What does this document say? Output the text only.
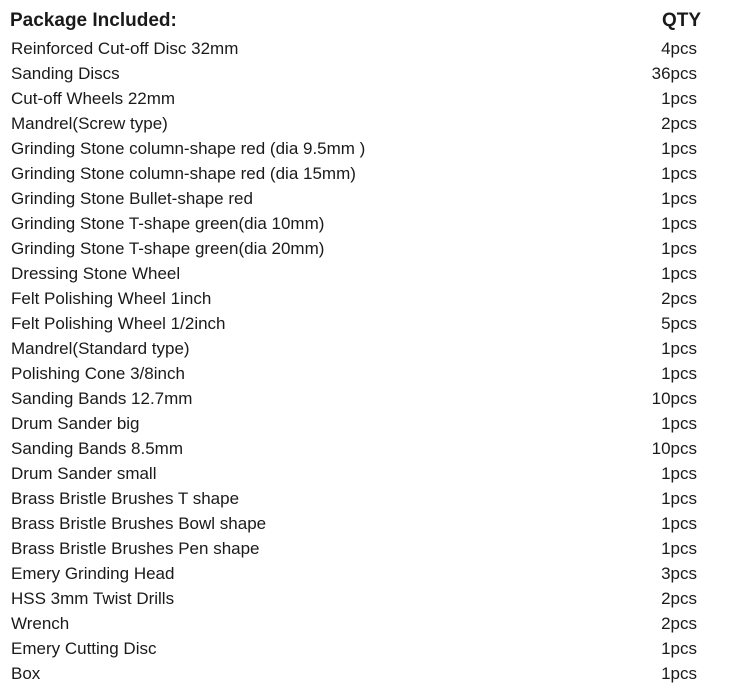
Package Included:	QTY
Reinforced Cut-off Disc 32mm	4pcs
Sanding Discs	36pcs
Cut-off Wheels 22mm	1pcs
Mandrel(Screw type)	2pcs
Grinding Stone column-shape red (dia 9.5mm )	1pcs
Grinding Stone column-shape red (dia 15mm)	1pcs
Grinding Stone Bullet-shape red	1pcs
Grinding Stone T-shape green(dia 10mm)	1pcs
Grinding Stone T-shape green(dia 20mm)	1pcs
Dressing Stone Wheel	1pcs
Felt Polishing Wheel 1inch	2pcs
Felt Polishing Wheel 1/2inch	5pcs
Mandrel(Standard type)	1pcs
Polishing Cone 3/8inch	1pcs
Sanding Bands 12.7mm	10pcs
Drum Sander big	1pcs
Sanding Bands 8.5mm	10pcs
Drum Sander small	1pcs
Brass Bristle Brushes T shape	1pcs
Brass Bristle Brushes Bowl shape	1pcs
Brass Bristle Brushes Pen shape	1pcs
Emery Grinding Head	3pcs
HSS 3mm Twist Drills	2pcs
Wrench	2pcs
Emery Cutting Disc	1pcs
Box	1pcs
